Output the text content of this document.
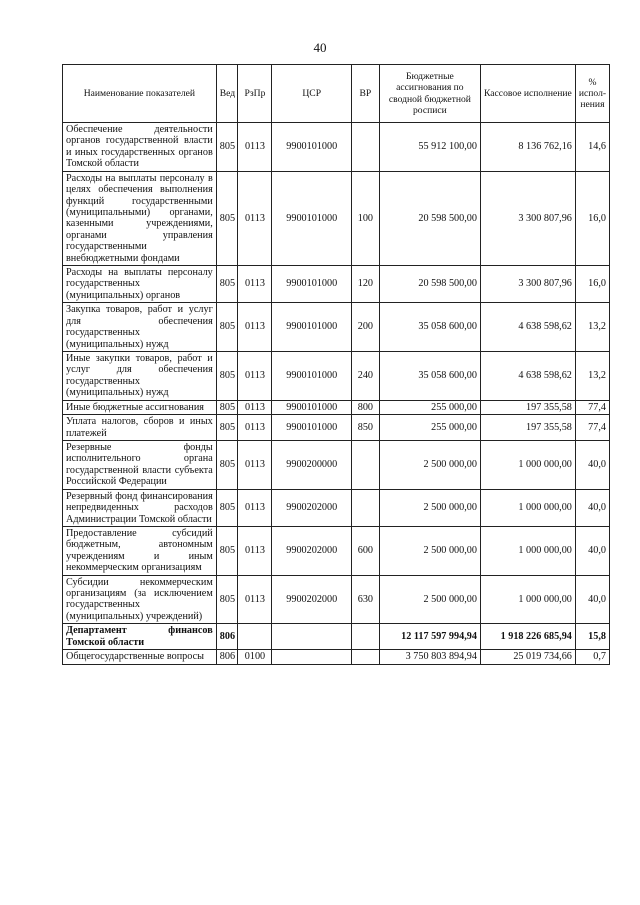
40
Наименование показателей	Вед	РзПр	ЦСР	ВР	Бюджетные ассигнования по сводной бюджетной росписи	Кассовое исполнение	% испол-нения
Обеспечение деятельности органов государственной власти и иных государственных органов Томской области	805	0113	9900101000		55 912 100,00	8 136 762,16	14,6
Расходы на выплаты персоналу в целях обеспечения выполнения функций государственными (муниципальными) органами, казенными учреждениями, органами управления государственными внебюджетными фондами	805	0113	9900101000	100	20 598 500,00	3 300 807,96	16,0
Расходы на выплаты персоналу государственных (муниципальных) органов	805	0113	9900101000	120	20 598 500,00	3 300 807,96	16,0
Закупка товаров, работ и услуг для обеспечения государственных (муниципальных) нужд	805	0113	9900101000	200	35 058 600,00	4 638 598,62	13,2
Иные закупки товаров, работ и услуг для обеспечения государственных (муниципальных) нужд	805	0113	9900101000	240	35 058 600,00	4 638 598,62	13,2
Иные бюджетные ассигнования	805	0113	9900101000	800	255 000,00	197 355,58	77,4
Уплата налогов, сборов и иных платежей	805	0113	9900101000	850	255 000,00	197 355,58	77,4
Резервные фонды исполнительного органа государственной власти субъекта Российской Федерации	805	0113	9900200000		2 500 000,00	1 000 000,00	40,0
Резервный фонд финансирования непредвиденных расходов Администрации Томской области	805	0113	9900202000		2 500 000,00	1 000 000,00	40,0
Предоставление субсидий бюджетным, автономным учреждениям и иным некоммерческим организациям	805	0113	9900202000	600	2 500 000,00	1 000 000,00	40,0
Субсидии некоммерческим организациям (за исключением государственных (муниципальных) учреждений)	805	0113	9900202000	630	2 500 000,00	1 000 000,00	40,0
Департамент финансов Томской области	806				12 117 597 994,94	1 918 226 685,94	15,8
Общегосударственные вопросы	806	0100			3 750 803 894,94	25 019 734,66	0,7
